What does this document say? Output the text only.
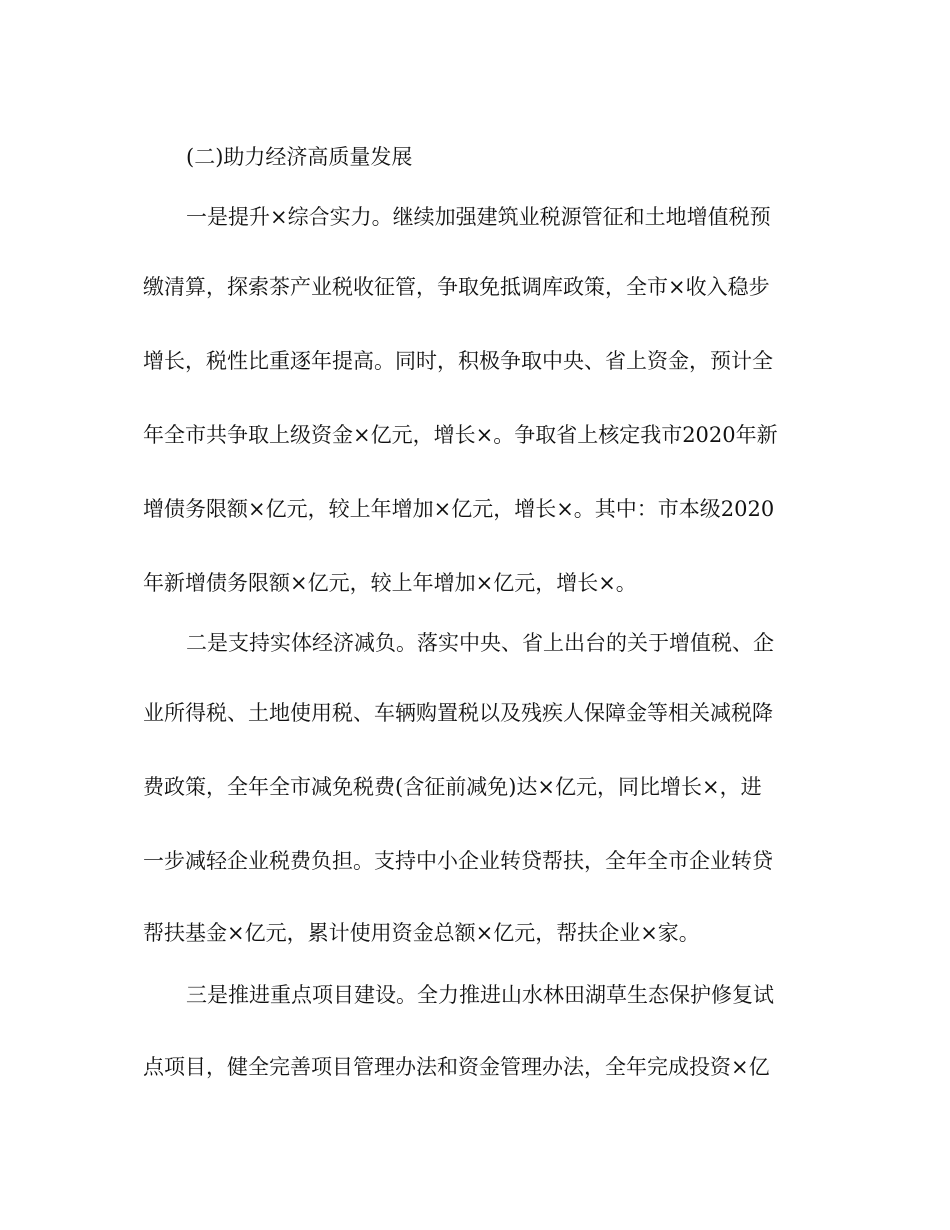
(二)助力经济高质量发展
一是提升×综合实力。继续加强建筑业税源管征和土地增值税预
缴清算，探索茶产业税收征管，争取免抵调库政策，全市×收入稳步
增长，税性比重逐年提高。同时，积极争取中央、省上资金，预计全
年全市共争取上级资金×亿元，增长×。争取省上核定我市2020年新
增债务限额×亿元，较上年增加×亿元，增长×。其中：市本级2020
年新增债务限额×亿元，较上年增加×亿元，增长×。
二是支持实体经济减负。落实中央、省上出台的关于增值税、企
业所得税、土地使用税、车辆购置税以及残疾人保障金等相关减税降
费政策，全年全市减免税费(含征前减免)达×亿元，同比增长×，进
一步减轻企业税费负担。支持中小企业转贷帮扶，全年全市企业转贷
帮扶基金×亿元，累计使用资金总额×亿元，帮扶企业×家。
三是推进重点项目建设。全力推进山水林田湖草生态保护修复试
点项目，健全完善项目管理办法和资金管理办法，全年完成投资×亿
